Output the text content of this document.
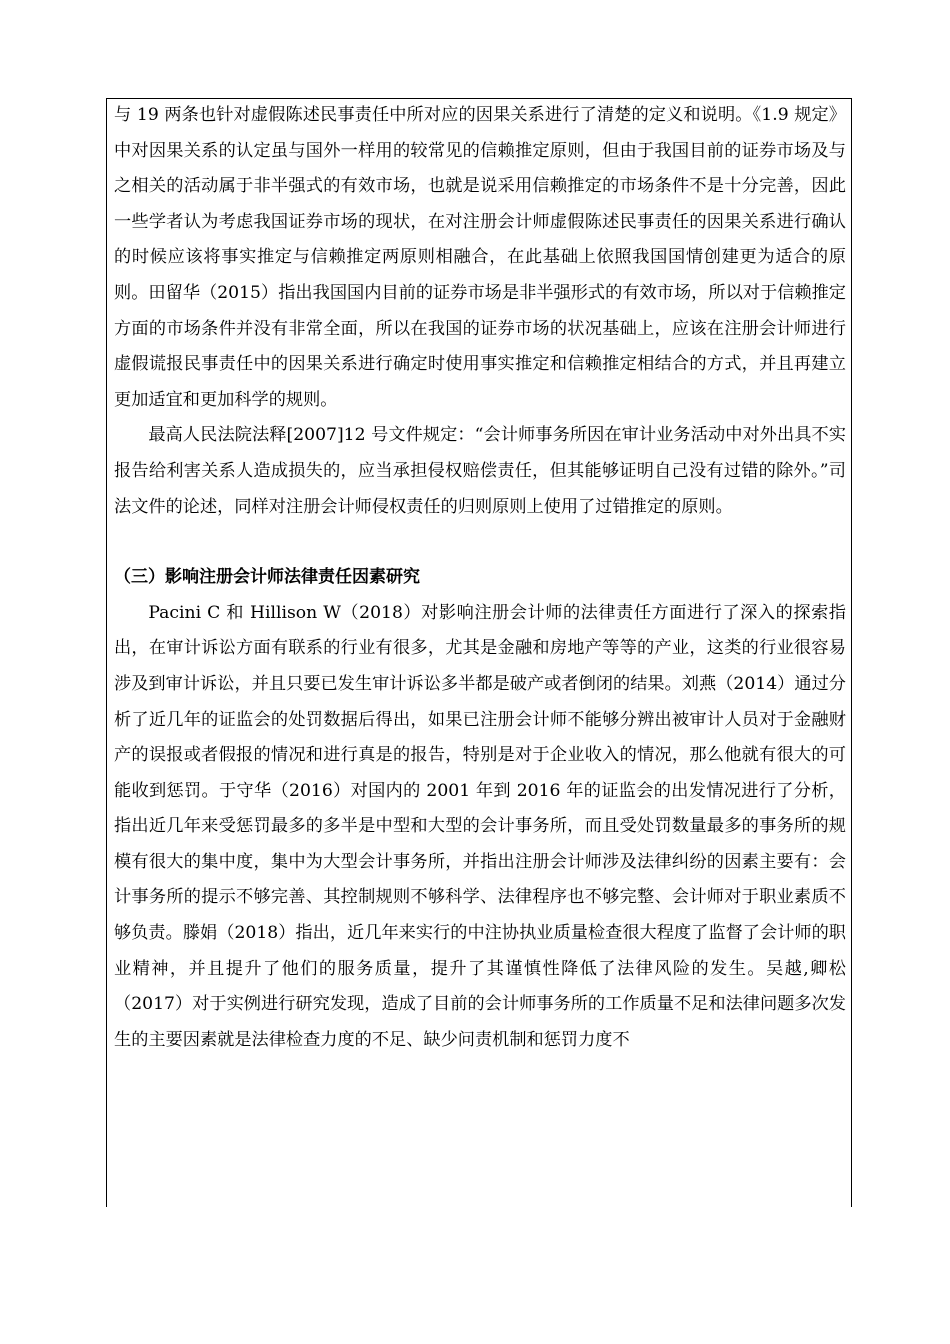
与 19 两条也针对虚假陈述民事责任中所对应的因果关系进行了清楚的定义和说明。《1.9 规定》中对因果关系的认定虽与国外一样用的较常见的信赖推定原则，但由于我国目前的证券市场及与之相关的活动属于非半强式的有效市场，也就是说采用信赖推定的市场条件不是十分完善，因此一些学者认为考虑我国证券市场的现状，在对注册会计师虚假陈述民事责任的因果关系进行确认的时候应该将事实推定与信赖推定两原则相融合，在此基础上依照我国国情创建更为适合的原则。田留华（2015）指出我国国内目前的证券市场是非半强形式的有效市场，所以对于信赖推定方面的市场条件并没有非常全面，所以在我国的证券市场的状况基础上，应该在注册会计师进行虚假谎报民事责任中的因果关系进行确定时使用事实推定和信赖推定相结合的方式，并且再建立更加适宜和更加科学的规则。

最高人民法院法释[2007]12 号文件规定：“会计师事务所因在审计业务活动中对外出具不实报告给利害关系人造成损失的，应当承担侵权赔偿责任，但其能够证明自己没有过错的除外。”司法文件的论述，同样对注册会计师侵权责任的归则原则上使用了过错推定的原则。

（三）影响注册会计师法律责任因素研究

Pacini C 和 Hillison W（2018）对影响注册会计师的法律责任方面进行了深入的探索指出，在审计诉讼方面有联系的行业有很多，尤其是金融和房地产等等的产业，这类的行业很容易涉及到审计诉讼，并且只要已发生审计诉讼多半都是破产或者倒闭的结果。刘燕（2014）通过分析了近几年的证监会的处罚数据后得出，如果已注册会计师不能够分辨出被审计人员对于金融财产的误报或者假报的情况和进行真是的报告，特别是对于企业收入的情况，那么他就有很大的可能收到惩罚。于守华（2016）对国内的 2001 年到 2016 年的证监会的出发情况进行了分析，指出近几年来受惩罚最多的多半是中型和大型的会计事务所，而且受处罚数量最多的事务所的规模有很大的集中度，集中为大型会计事务所，并指出注册会计师涉及法律纠纷的因素主要有：会计事务所的提示不够完善、其控制规则不够科学、法律程序也不够完整、会计师对于职业素质不够负责。滕娟（2018）指出，近几年来实行的中注协执业质量检查很大程度了监督了会计师的职业精神，并且提升了他们的服务质量，提升了其谨慎性降低了法律风险的发生。吴越,卿松（2017）对于实例进行研究发现，造成了目前的会计师事务所的工作质量不足和法律问题多次发生的主要因素就是法律检查力度的不足、缺少问责机制和惩罚力度不
